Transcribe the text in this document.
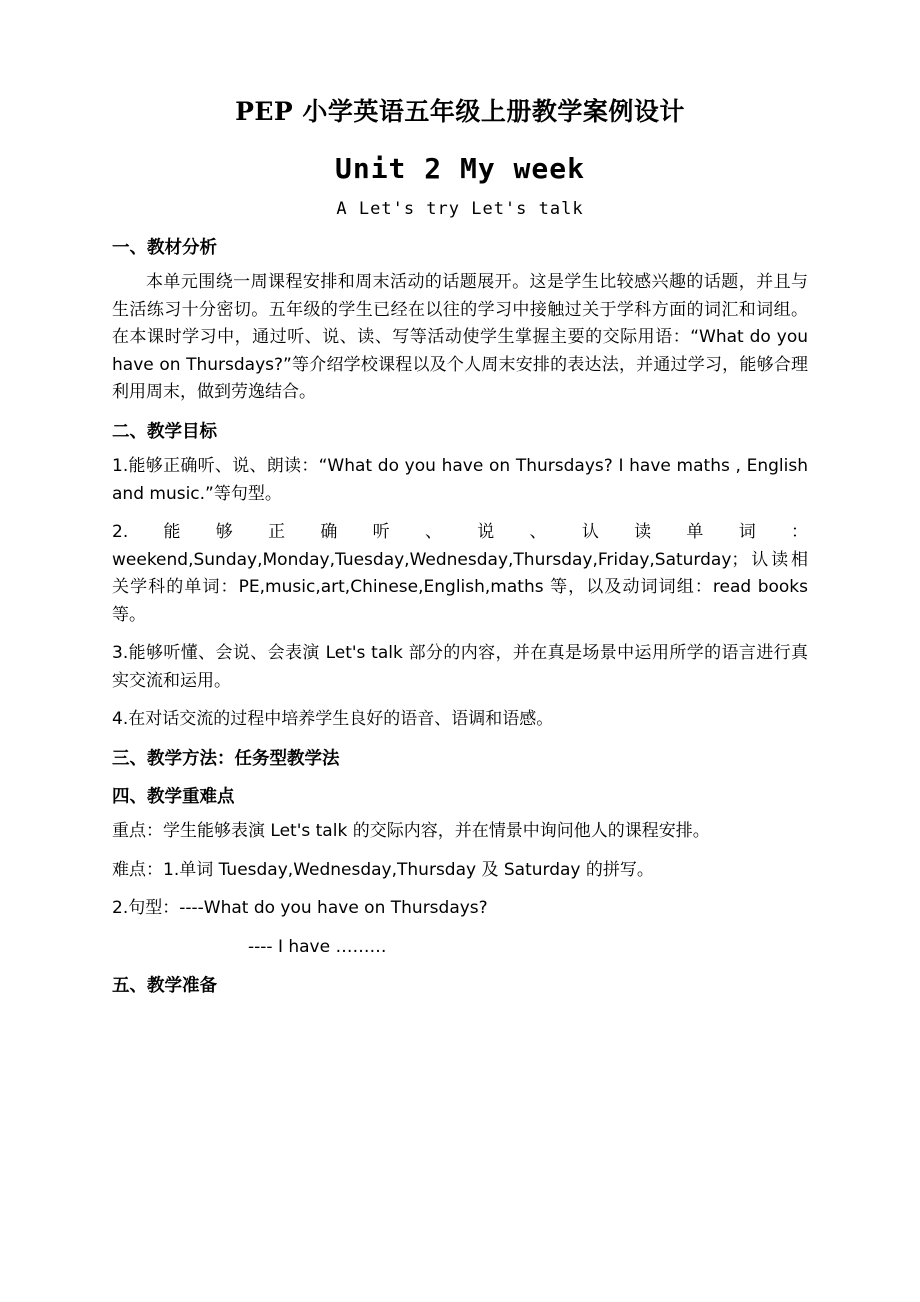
PEP 小学英语五年级上册教学案例设计
Unit 2 My week
A Let's try Let's talk
一、教材分析

本单元围绕一周课程安排和周末活动的话题展开。这是学生比较感兴趣的话题，并且与生活练习十分密切。五年级的学生已经在以往的学习中接触过关于学科方面的词汇和词组。在本课时学习中，通过听、说、读、写等活动使学生掌握主要的交际用语：“What do you have on Thursdays?”等介绍学校课程以及个人周末安排的表达法，并通过学习，能够合理利用周末，做到劳逸结合。

二、教学目标

1.能够正确听、说、朗读：“What do you have on Thursdays? I have maths , English and music.”等句型。

2.能够正确听、说、认读单词：weekend,Sunday,Monday,Tuesday,Wednesday,Thursday,Friday,Saturday；认读相关学科的单词：PE,music,art,Chinese,English,maths 等，以及动词词组：read books 等。

3.能够听懂、会说、会表演 Let's talk 部分的内容，并在真是场景中运用所学的语言进行真实交流和运用。

4.在对话交流的过程中培养学生良好的语音、语调和语感。

三、教学方法：任务型教学法
四、教学重难点

重点：学生能够表演 Let's talk 的交际内容，并在情景中询问他人的课程安排。

难点：1.单词 Tuesday,Wednesday,Thursday 及 Saturday 的拼写。

2.句型：----What do you have on Thursdays?

---- I have ………

五、教学准备
